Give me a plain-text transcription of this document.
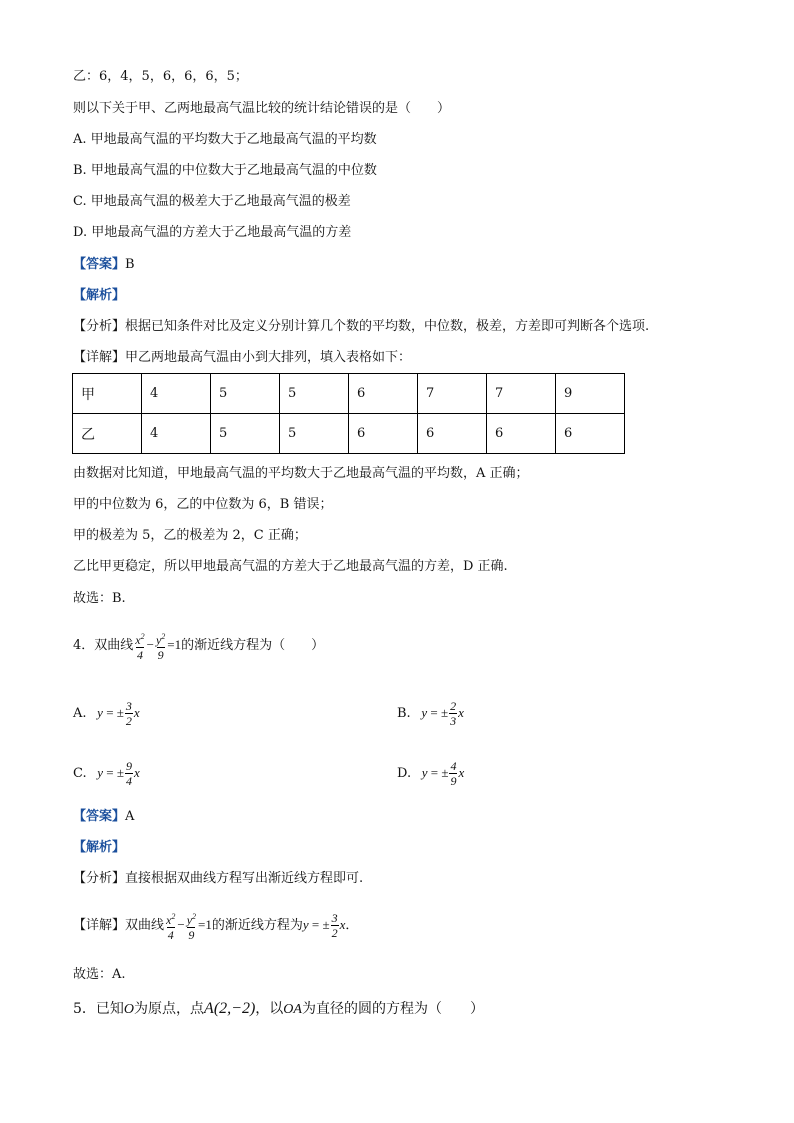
乙：6，4，5，6，6，6，5；
则以下关于甲、乙两地最高气温比较的统计结论错误的是（　　）
A. 甲地最高气温的平均数大于乙地最高气温的平均数
B. 甲地最高气温的中位数大于乙地最高气温的中位数
C. 甲地最高气温的极差大于乙地最高气温的极差
D. 甲地最高气温的方差大于乙地最高气温的方差
【答案】B
【解析】
【分析】根据已知条件对比及定义分别计算几个数的平均数，中位数，极差，方差即可判断各个选项.
【详解】甲乙两地最高气温由小到大排列，填入表格如下：
甲	4	5	5	6	7	7	9
乙	4	5	5	6	6	6	6
由数据对比知道，甲地最高气温的平均数大于乙地最高气温的平均数，A 正确；
甲的中位数为 6，乙的中位数为 6，B 错误；
甲的极差为 5，乙的极差为 2，C 正确；
乙比甲更稳定，所以甲地最高气温的方差大于乙地最高气温的方差，D 正确.
故选：B.
4．双曲线 $\frac{x^2}{4} - \frac{y^2}{9} =1$的渐近线方程为（　　）
A.   y = ± $\frac{3}{2}$ x	B.   y = ± $\frac{2}{3}$ x
C.   y = ± $\frac{9}{4}$ x	D.   y = ± $\frac{4}{9}$ x
【答案】A
【解析】
【分析】直接根据双曲线方程写出渐近线方程即可.
【详解】双曲线 $\frac{x^2}{4} - \frac{y^2}{9} =1$的渐近线方程为y = ± $\frac{3}{2}$ x．
故选：A.
5．已知O为原点，点A(2,−2)，以OA为直径的圆的方程为（　　）
